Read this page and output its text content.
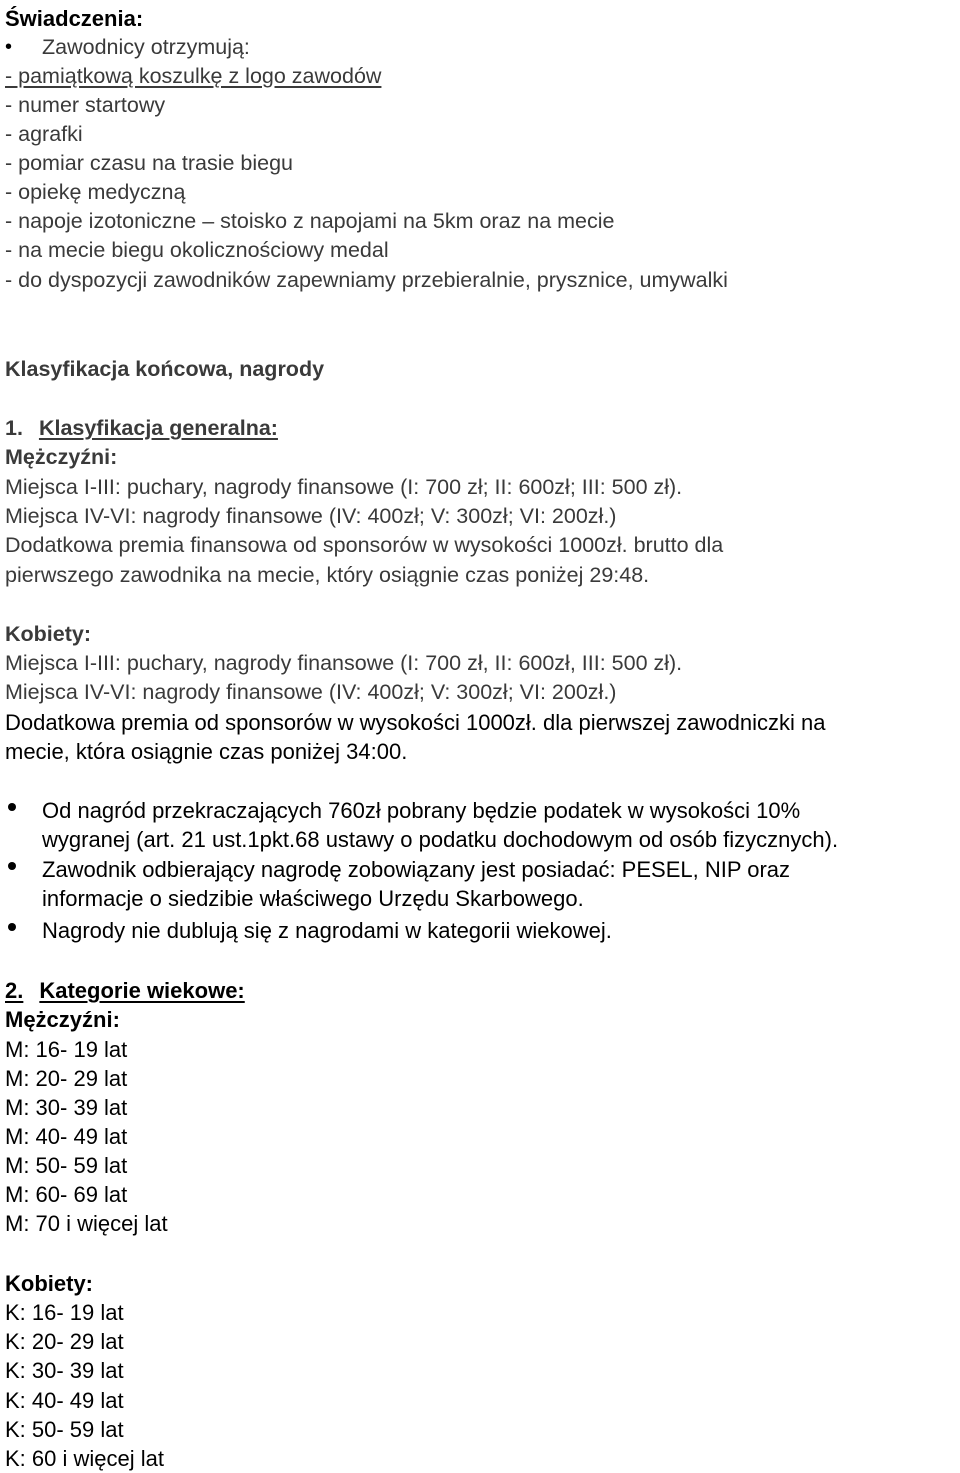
Świadczenia:
• Zawodnicy otrzymują:
- pamiątkową koszulkę z logo zawodów
- numer startowy
- agrafki
- pomiar czasu na trasie biegu
- opiekę medyczną
- napoje izotoniczne – stoisko z napojami na 5km oraz na mecie
- na mecie biegu okolicznościowy medal
- do dyspozycji zawodników zapewniamy przebieralnie, prysznice, umywalki
Klasyfikacja końcowa, nagrody
1. Klasyfikacja generalna:
Mężczyźni:
Miejsca I-III: puchary, nagrody finansowe (I: 700 zł; II: 600zł; III: 500 zł).
Miejsca IV-VI: nagrody finansowe (IV: 400zł; V: 300zł; VI: 200zł.)
Dodatkowa premia finansowa od sponsorów w wysokości 1000zł. brutto dla
pierwszego zawodnika na mecie, który osiągnie czas poniżej 29:48.
Kobiety:
Miejsca I-III: puchary, nagrody finansowe (I: 700 zł, II: 600zł, III: 500 zł).
Miejsca IV-VI: nagrody finansowe (IV: 400zł; V: 300zł; VI: 200zł.)
Dodatkowa premia od sponsorów w wysokości 1000zł. dla pierwszej zawodniczki na
mecie, która osiągnie czas poniżej 34:00.
Od nagród przekraczających 760zł pobrany będzie podatek w wysokości 10%
wygranej (art. 21 ust.1pkt.68 ustawy o podatku dochodowym od osób fizycznych).
Zawodnik odbierający nagrodę zobowiązany jest posiadać: PESEL, NIP oraz
informacje o siedzibie właściwego Urzędu Skarbowego.
Nagrody nie dublują się z nagrodami w kategorii wiekowej.
2. Kategorie wiekowe:
Mężczyźni:
M: 16- 19 lat
M: 20- 29 lat
M: 30- 39 lat
M: 40- 49 lat
M: 50- 59 lat
M: 60- 69 lat
M: 70 i więcej lat
Kobiety:
K: 16- 19 lat
K: 20- 29 lat
K: 30- 39 lat
K: 40- 49 lat
K: 50- 59 lat
K: 60 i więcej lat
